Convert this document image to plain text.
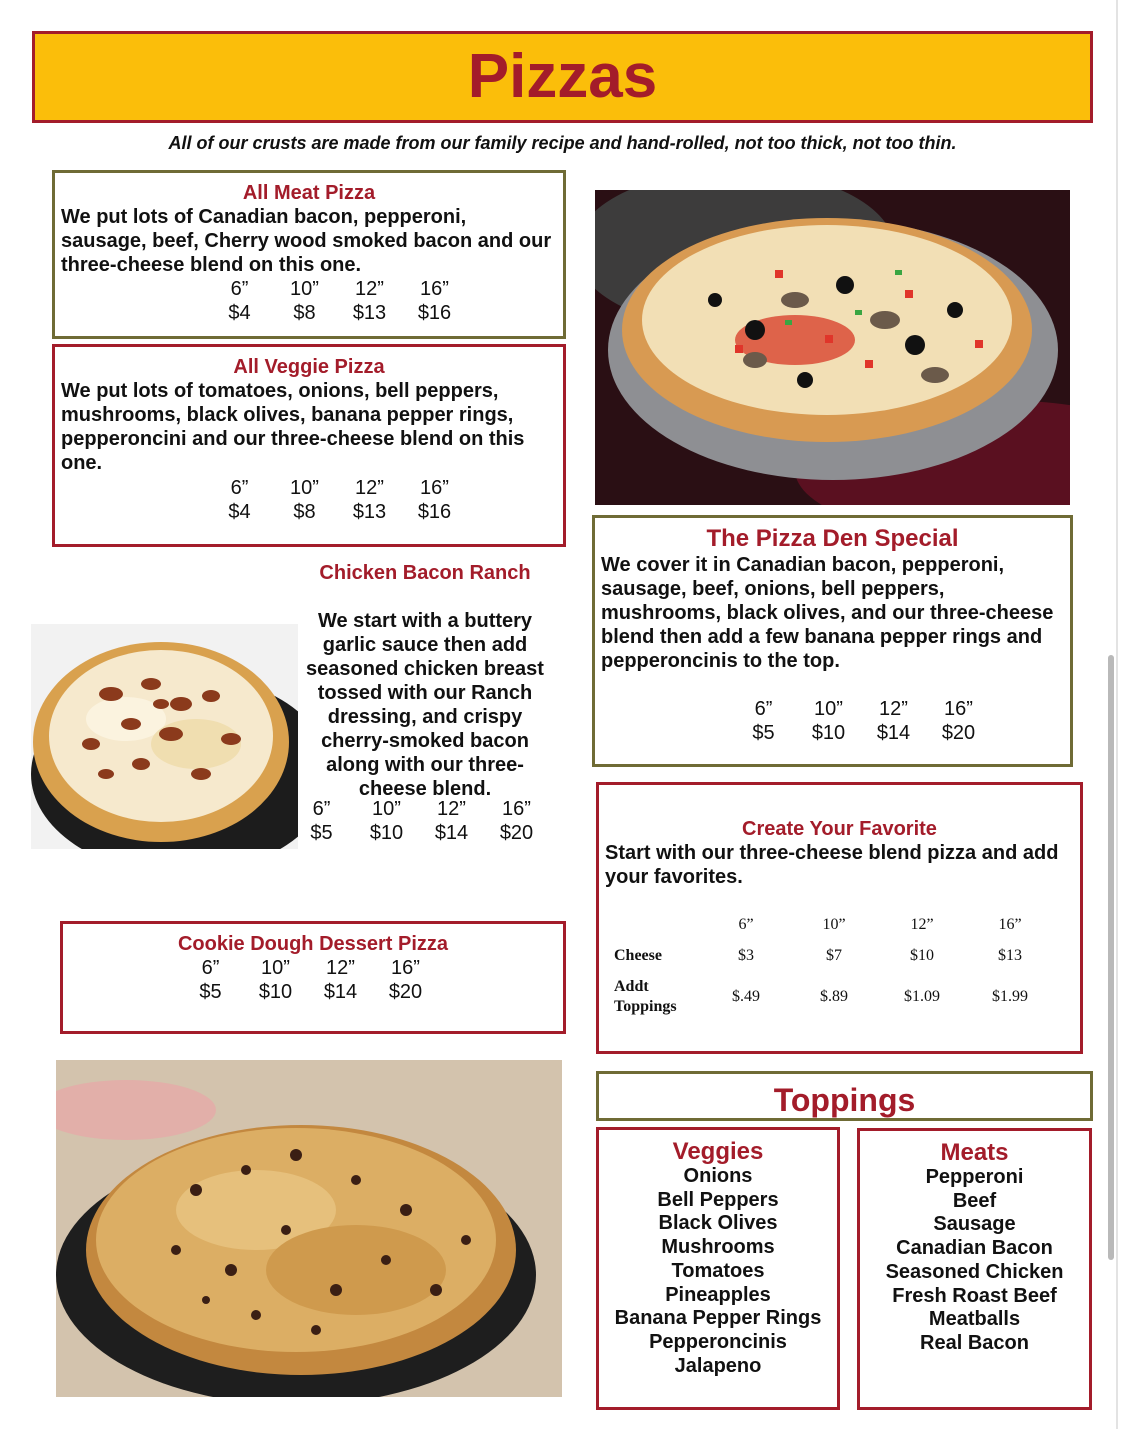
Pizzas
All of our crusts are made from our family recipe and hand-rolled, not too thick, not too thin.
All Meat Pizza
We put lots of Canadian bacon, pepperoni, sausage, beef, Cherry wood smoked bacon and our three-cheese blend on this one.
6”	10”	12”	16”
$4	$8	$13	$16
All Veggie Pizza
We put lots of tomatoes, onions, bell peppers, mushrooms, black olives, banana pepper rings, pepperoncini and our three-cheese blend on this one.
6”	10”	12”	16”
$4	$8	$13	$16
Chicken Bacon Ranch
We start with a buttery garlic sauce then add seasoned chicken breast tossed with our Ranch dressing, and crispy cherry-smoked bacon along with our three-cheese blend.
6”	10”	12”	16”
$5	$10	$14	$20
Cookie Dough Dessert Pizza
6”	10”	12”	16”
$5	$10	$14	$20
The Pizza Den Special
We cover it in Canadian bacon, pepperoni, sausage, beef, onions, bell peppers, mushrooms, black olives, and our three-cheese blend then add a few banana pepper rings and pepperoncinis to the top.
6”	10”	12”	16”
$5	$10	$14	$20
Create Your Favorite
Start with our three-cheese blend pizza and add your favorites.
	6”	10”	12”	16”
Cheese	$3	$7	$10	$13
Addt Toppings	$.49	$.89	$1.09	$1.99
Toppings
Veggies
Onions
Bell Peppers
Black Olives
Mushrooms
Tomatoes
Pineapples
Banana Pepper Rings
Pepperoncinis
Jalapeno
Meats
Pepperoni
Beef
Sausage
Canadian Bacon
Seasoned Chicken
Fresh Roast Beef
Meatballs
Real Bacon
